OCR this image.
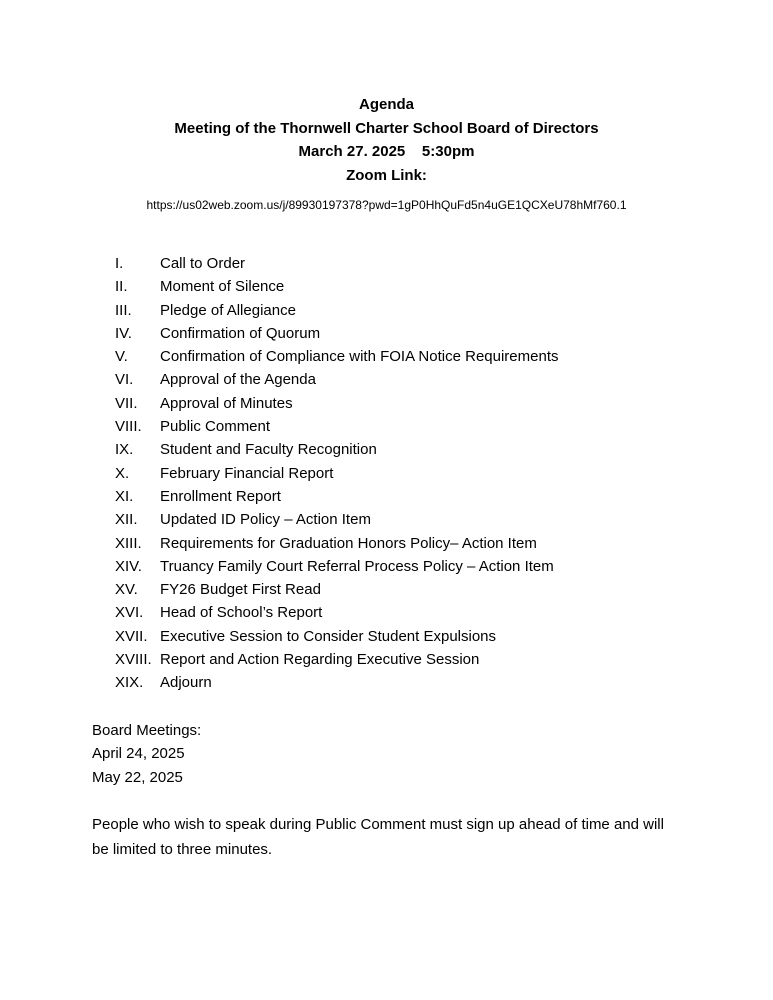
Agenda
Meeting of the Thornwell Charter School Board of Directors
March 27. 2025    5:30pm
Zoom Link:
https://us02web.zoom.us/j/89930197378?pwd=1gP0HhQuFd5n4uGE1QCXeU78hMf760.1
I.	Call to Order
II.	Moment of Silence
III.	Pledge of Allegiance
IV.	Confirmation of Quorum
V.	Confirmation of Compliance with FOIA Notice Requirements
VI.	Approval of the Agenda
VII.	Approval of Minutes
VIII.	Public Comment
IX.	Student and Faculty Recognition
X.	February Financial Report
XI.	Enrollment Report
XII.	Updated ID Policy – Action Item
XIII.	Requirements for Graduation Honors Policy– Action Item
XIV.	Truancy Family Court Referral Process Policy – Action Item
XV.	FY26 Budget First Read
XVI.	Head of School’s Report
XVII. Executive Session to Consider Student Expulsions
XVIII. Report and Action Regarding Executive Session
XIX.	Adjourn
Board Meetings:
April 24, 2025
May 22, 2025

People who wish to speak during Public Comment must sign up ahead of time and will be limited to three minutes.
